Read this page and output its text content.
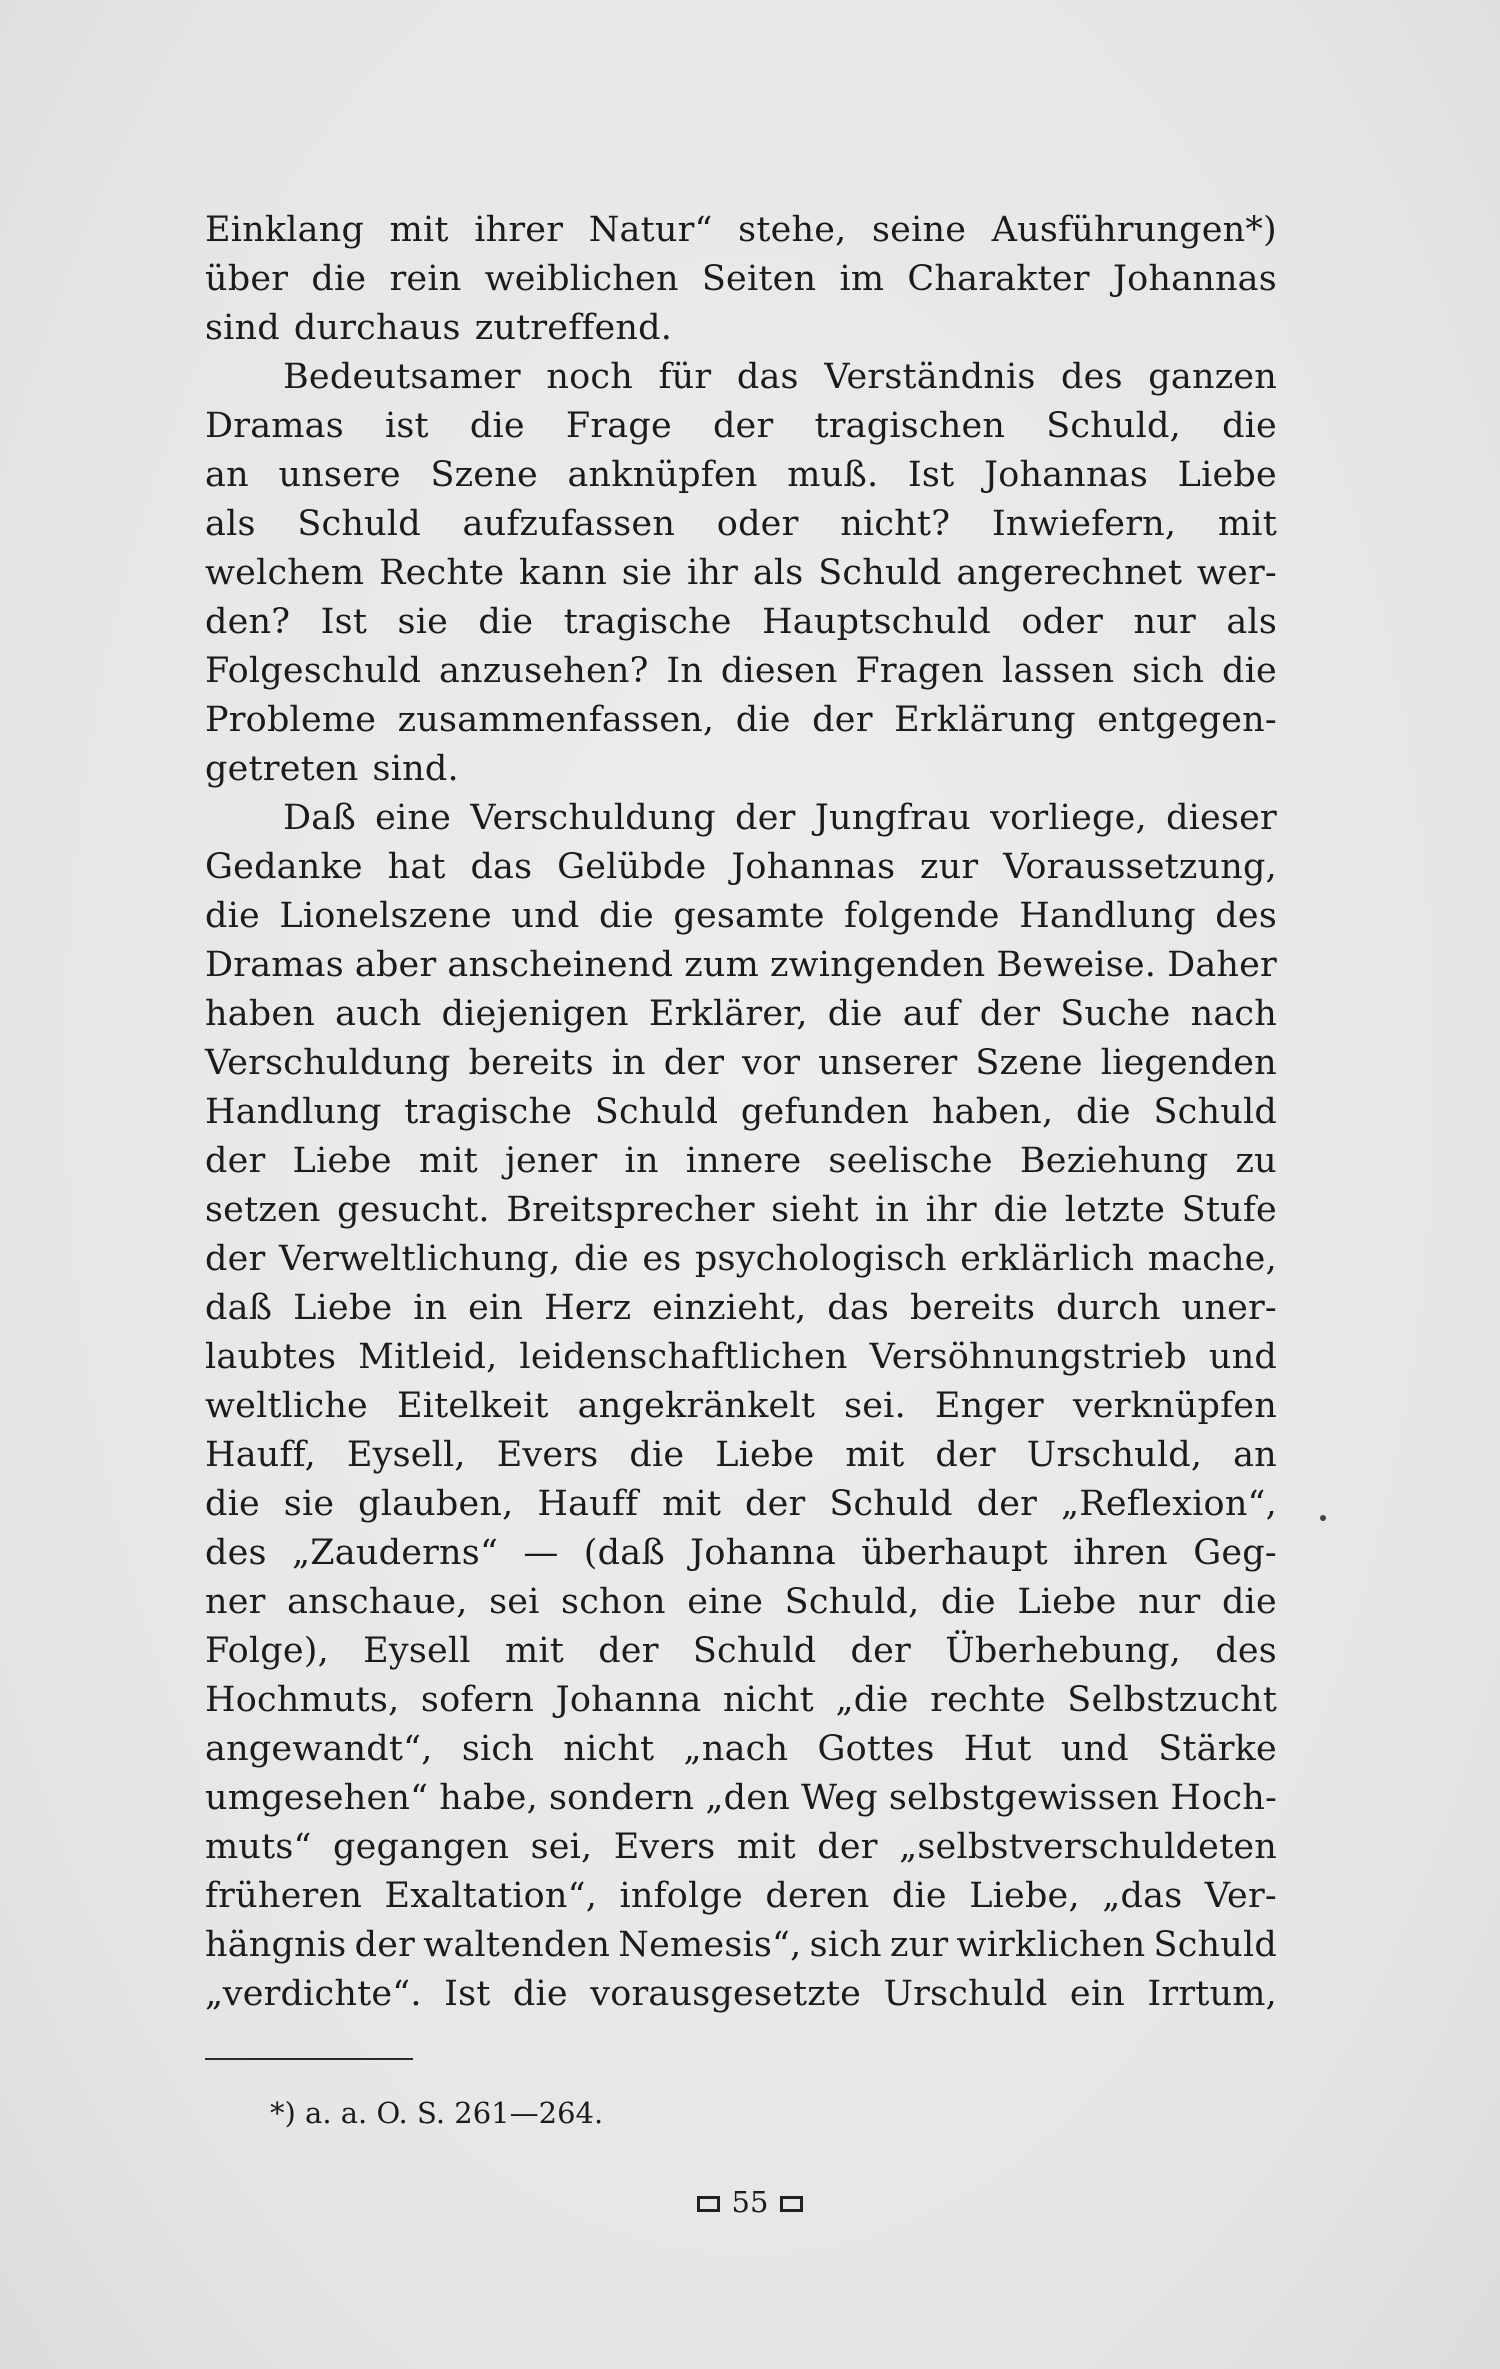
Einklang mit ihrer Natur“ stehe, seine Ausführungen*)
über die rein weiblichen Seiten im Charakter Johannas
sind durchaus zutreffend.
Bedeutsamer noch für das Verständnis des ganzen
Dramas ist die Frage der tragischen Schuld, die
an unsere Szene anknüpfen muß. Ist Johannas Liebe
als Schuld aufzufassen oder nicht? Inwiefern, mit
welchem Rechte kann sie ihr als Schuld angerechnet wer-
den? Ist sie die tragische Hauptschuld oder nur als
Folgeschuld anzusehen? In diesen Fragen lassen sich die
Probleme zusammenfassen, die der Erklärung entgegen-
getreten sind.
Daß eine Verschuldung der Jungfrau vorliege, dieser
Gedanke hat das Gelübde Johannas zur Voraussetzung,
die Lionelszene und die gesamte folgende Handlung des
Dramas aber anscheinend zum zwingenden Beweise. Daher
haben auch diejenigen Erklärer, die auf der Suche nach
Verschuldung bereits in der vor unserer Szene liegenden
Handlung tragische Schuld gefunden haben, die Schuld
der Liebe mit jener in innere seelische Beziehung zu
setzen gesucht. Breitsprecher sieht in ihr die letzte Stufe
der Verweltlichung, die es psychologisch erklärlich mache,
daß Liebe in ein Herz einzieht, das bereits durch uner-
laubtes Mitleid, leidenschaftlichen Versöhnungstrieb und
weltliche Eitelkeit angekränkelt sei. Enger verknüpfen
Hauff, Eysell, Evers die Liebe mit der Urschuld, an
die sie glauben, Hauff mit der Schuld der „Reflexion“,
des „Zauderns“ — (daß Johanna überhaupt ihren Geg-
ner anschaue, sei schon eine Schuld, die Liebe nur die
Folge), Eysell mit der Schuld der Überhebung, des
Hochmuts, sofern Johanna nicht „die rechte Selbstzucht
angewandt“, sich nicht „nach Gottes Hut und Stärke
umgesehen“ habe, sondern „den Weg selbstgewissen Hoch-
muts“ gegangen sei, Evers mit der „selbstverschuldeten
früheren Exaltation“, infolge deren die Liebe, „das Ver-
hängnis der waltenden Nemesis“, sich zur wirklichen Schuld
„verdichte“. Ist die vorausgesetzte Urschuld ein Irrtum,
*) a. a. O. S. 261—264.
55
